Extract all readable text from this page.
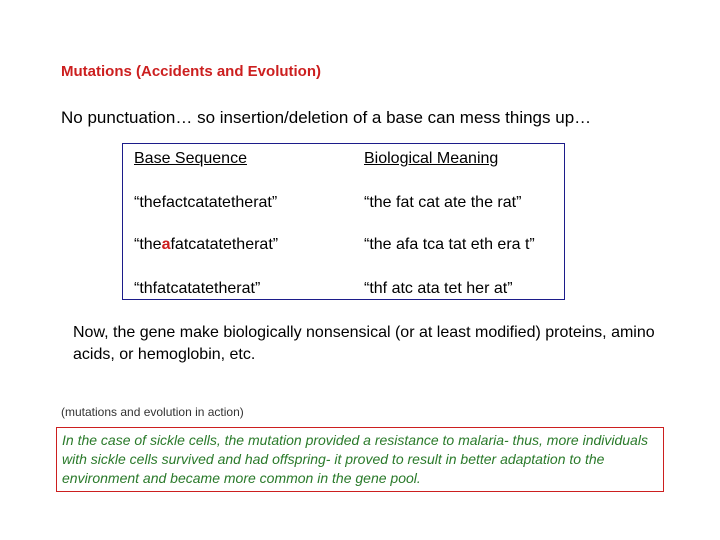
Mutations (Accidents and Evolution)
No punctuation… so insertion/deletion of a base can mess things up…
Base Sequence	Biological Meaning
“thefactcatatetherat”	“the fat cat ate the rat”
“theafatcatatetherat”	“the afa tca tat eth era t”
“thfatcatatetherat”	“thf atc ata tet her at”
Now, the gene make biologically nonsensical (or at least modified) proteins, amino acids, or hemoglobin, etc.
(mutations and evolution in action)
In the case of sickle cells, the mutation provided a resistance to malaria- thus, more individuals with sickle cells survived and had offspring- it proved to result in better adaptation to the environment and became more common in the gene pool.
